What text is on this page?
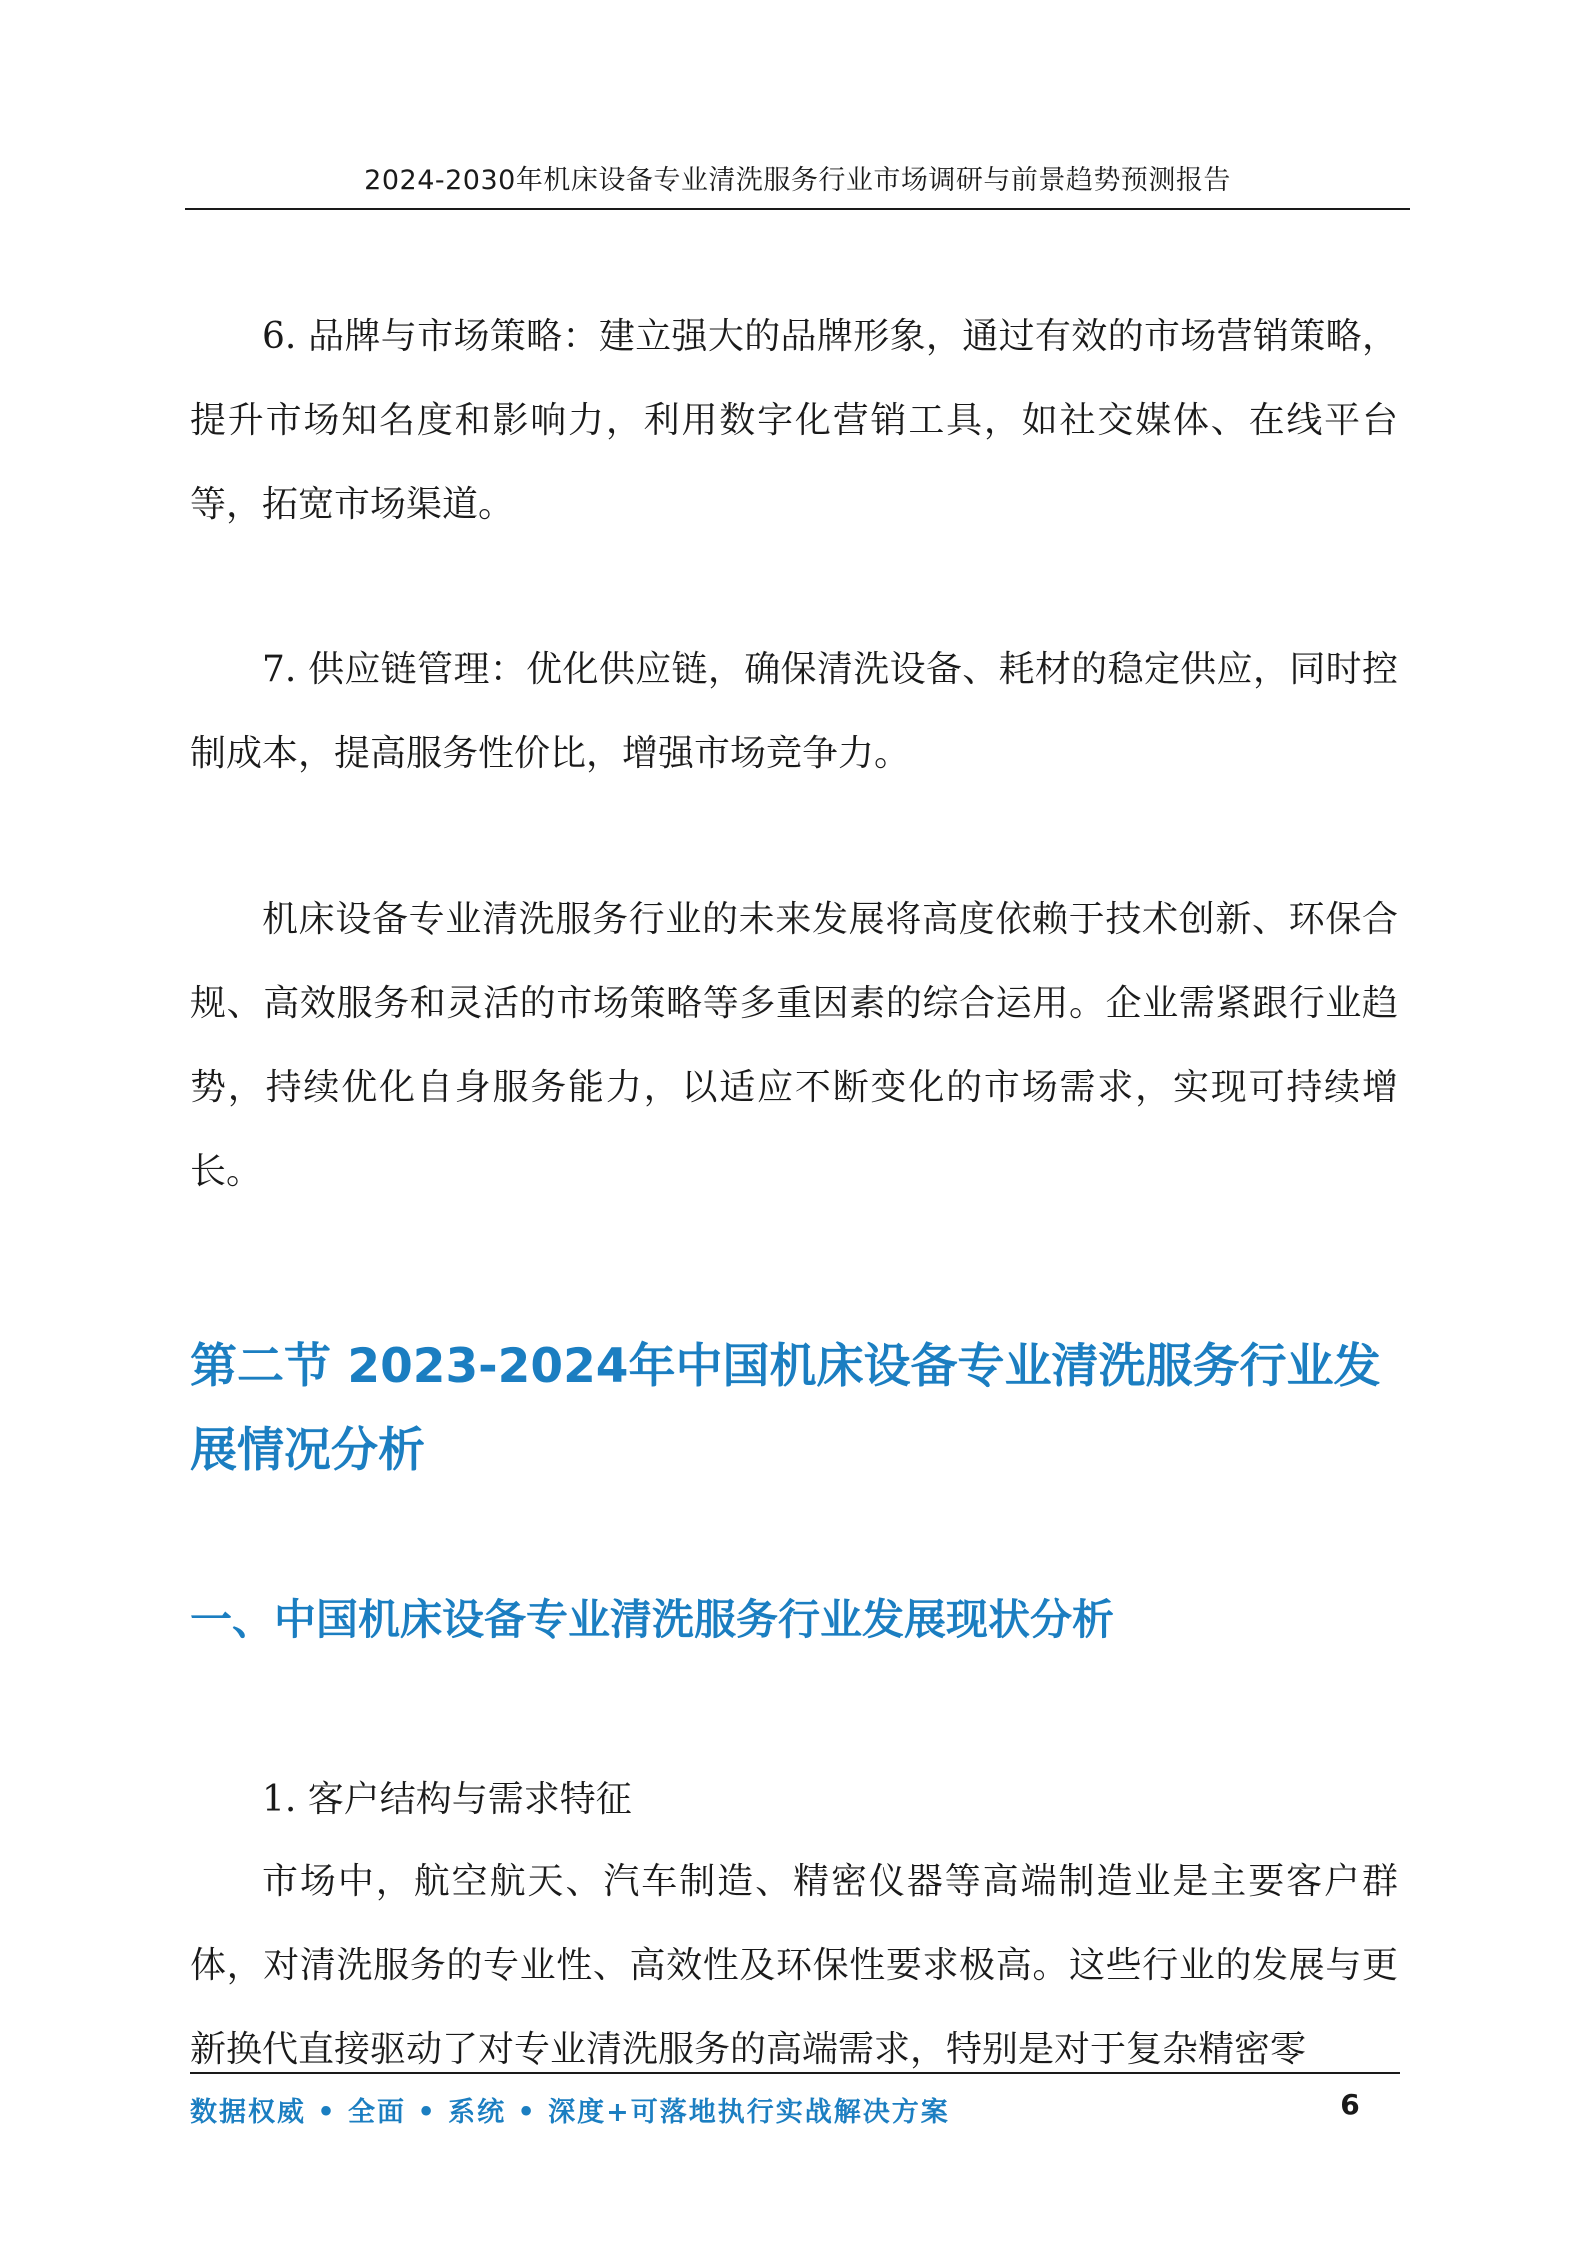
2024-2030年机床设备专业清洗服务行业市场调研与前景趋势预测报告

6. 品牌与市场策略：建立强大的品牌形象，通过有效的市场营销策略，提升市场知名度和影响力，利用数字化营销工具，如社交媒体、在线平台等，拓宽市场渠道。

7. 供应链管理：优化供应链，确保清洗设备、耗材的稳定供应，同时控制成本，提高服务性价比，增强市场竞争力。

机床设备专业清洗服务行业的未来发展将高度依赖于技术创新、环保合规、高效服务和灵活的市场策略等多重因素的综合运用。企业需紧跟行业趋势，持续优化自身服务能力，以适应不断变化的市场需求，实现可持续增长。

第二节 2023-2024年中国机床设备专业清洗服务行业发展情况分析
一、中国机床设备专业清洗服务行业发展现状分析

1. 客户结构与需求特征

市场中，航空航天、汽车制造、精密仪器等高端制造业是主要客户群体，对清洗服务的专业性、高效性及环保性要求极高。这些行业的发展与更新换代直接驱动了对专业清洗服务的高端需求，特别是对于复杂精密零

数据权威 • 全面 • 系统 • 深度+可落地执行实战解决方案	6
